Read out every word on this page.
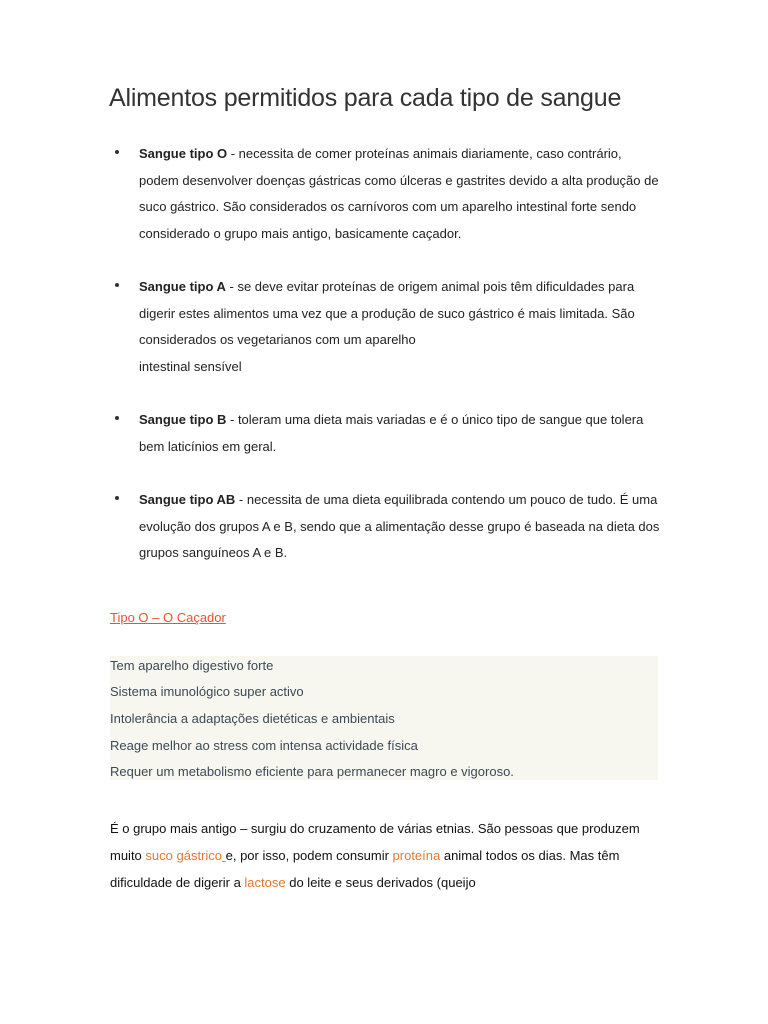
Alimentos permitidos para cada tipo de sangue
Sangue tipo O - necessita de comer proteínas animais diariamente, caso contrário, podem desenvolver doenças gástricas como úlceras e gastrites devido a alta produção de suco gástrico. São considerados os carnívoros com um aparelho intestinal forte sendo considerado o grupo mais antigo, basicamente caçador.
Sangue tipo A - se deve evitar proteínas de origem animal pois têm dificuldades para digerir estes alimentos uma vez que a produção de suco gástrico é mais limitada. São considerados os vegetarianos com um aparelho
intestinal sensível
Sangue tipo B - toleram uma dieta mais variadas e é o único tipo de sangue que tolera bem laticínios em geral.
Sangue tipo AB - necessita de uma dieta equilibrada contendo um pouco de tudo. É uma evolução dos grupos A e B, sendo que a alimentação desse grupo é baseada na dieta dos grupos sanguíneos A e B.
Tipo O – O Caçador
Tem aparelho digestivo forte
Sistema imunológico super activo
Intolerância a adaptações dietéticas e ambientais
Reage melhor ao stress com intensa actividade física
Requer um metabolismo eficiente para permanecer magro e vigoroso.

É o grupo mais antigo – surgiu do cruzamento de várias etnias. São pessoas que produzem muito suco gástrico e, por isso, podem consumir proteína animal todos os dias. Mas têm dificuldade de digerir a lactose do leite e seus derivados (queijo
